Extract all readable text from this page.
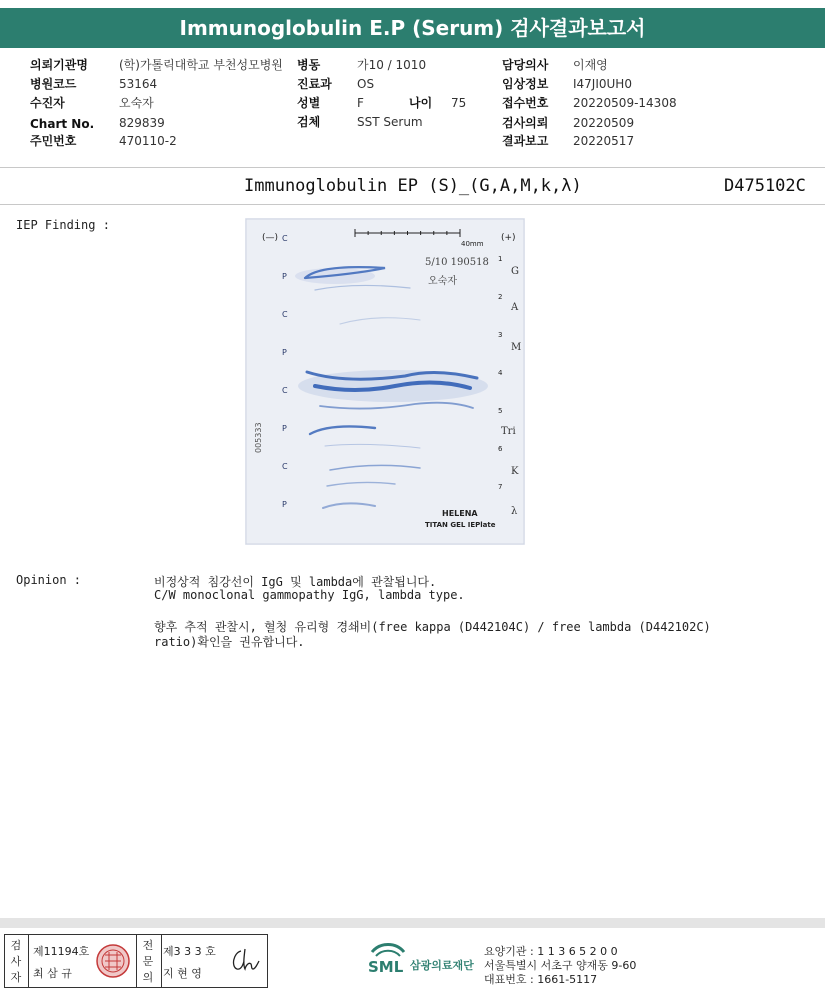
Immunoglobulin E.P (Serum) 검사결과보고서
의뢰기관명	(학)가톨릭대학교 부천성모병원
병원코드	53164
수진자	오숙자
Chart No. 829839
주민번호	470110-2
병동	가10 / 1010
진료과 OS
성별	F	나이 75
검체	SST Serum
담당의사 이재영
임상정보 I47JI0UH0
접수번호 20220509-14308
검사의뢰 20220509
결과보고 20220517
Immunoglobulin EP (S)_(G,A,M,k,λ)	D475102C
IEP Finding :
(—)	(+)
40mm
5/10 190518
오숙자
005333
HELENA
TITAN GEL IEPlate
C
P
C
P
C
P
C
P
1
2
3
4
5
6
7
G
A
M
Tri
K
λ
Opinion :	비정상적 침강선이 IgG 및 lambda에 관찰됩니다.
C/W monoclonal gammopathy IgG, lambda type.
향후 추적 관찰시, 혈청 유리형 경쇄비(free kappa (D442104C) / free lambda (D442102C)
ratio)확인을 권유합니다.
검 사 자
제11194호
최 삼 규
전 문 의
제3 3 3 호
지 현 영	SML 삼광의료재단
요양기관 : 1 1 3 6 5 2 0 0
서울특별시 서초구 양재동 9-60
대표번호 : 1661-5117
